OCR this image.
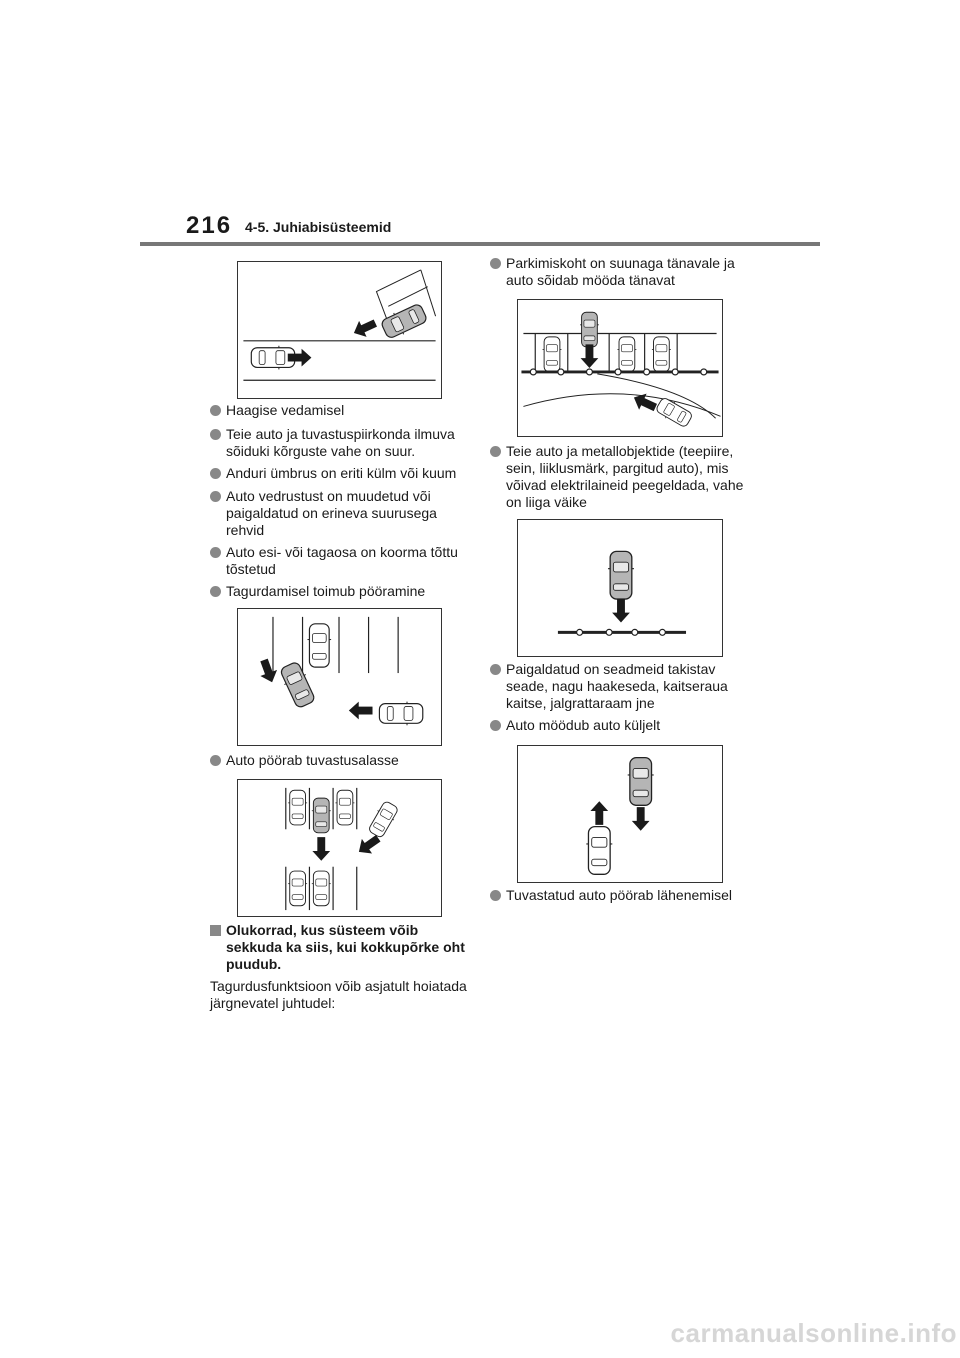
216 4-5. Juhiabisüsteemid
Haagise vedamisel
Teie auto ja tuvastuspiirkonda ilmuva sõiduki kõrguste vahe on suur.
Anduri ümbrus on eriti külm või kuum
Auto vedrustust on muudetud või paigaldatud on erineva suurusega rehvid
Auto esi- või tagaosa on koorma tõttu tõstetud
Tagurdamisel toimub pööramine
Auto pöörab tuvastusalasse
Olukorrad, kus süsteem võib sekkuda ka siis, kui kokkupõrke oht puudub.
Tagurdusfunktsioon võib asjatult hoiatada järgnevatel juhtudel:
Parkimiskoht on suunaga tänavale ja auto sõidab mööda tänavat
Teie auto ja metallobjektide (teepiire, sein, liiklusmärk, pargitud auto), mis võivad elektrilaineid peegeldada, vahe on liiga väike
Paigaldatud on seadmeid takistav seade, nagu haakeseda, kaitseraua kaitse, jalgrattaraam jne
Auto möödub auto küljelt
Tuvastatud auto pöörab lähenemisel
carmanualsonline.info
